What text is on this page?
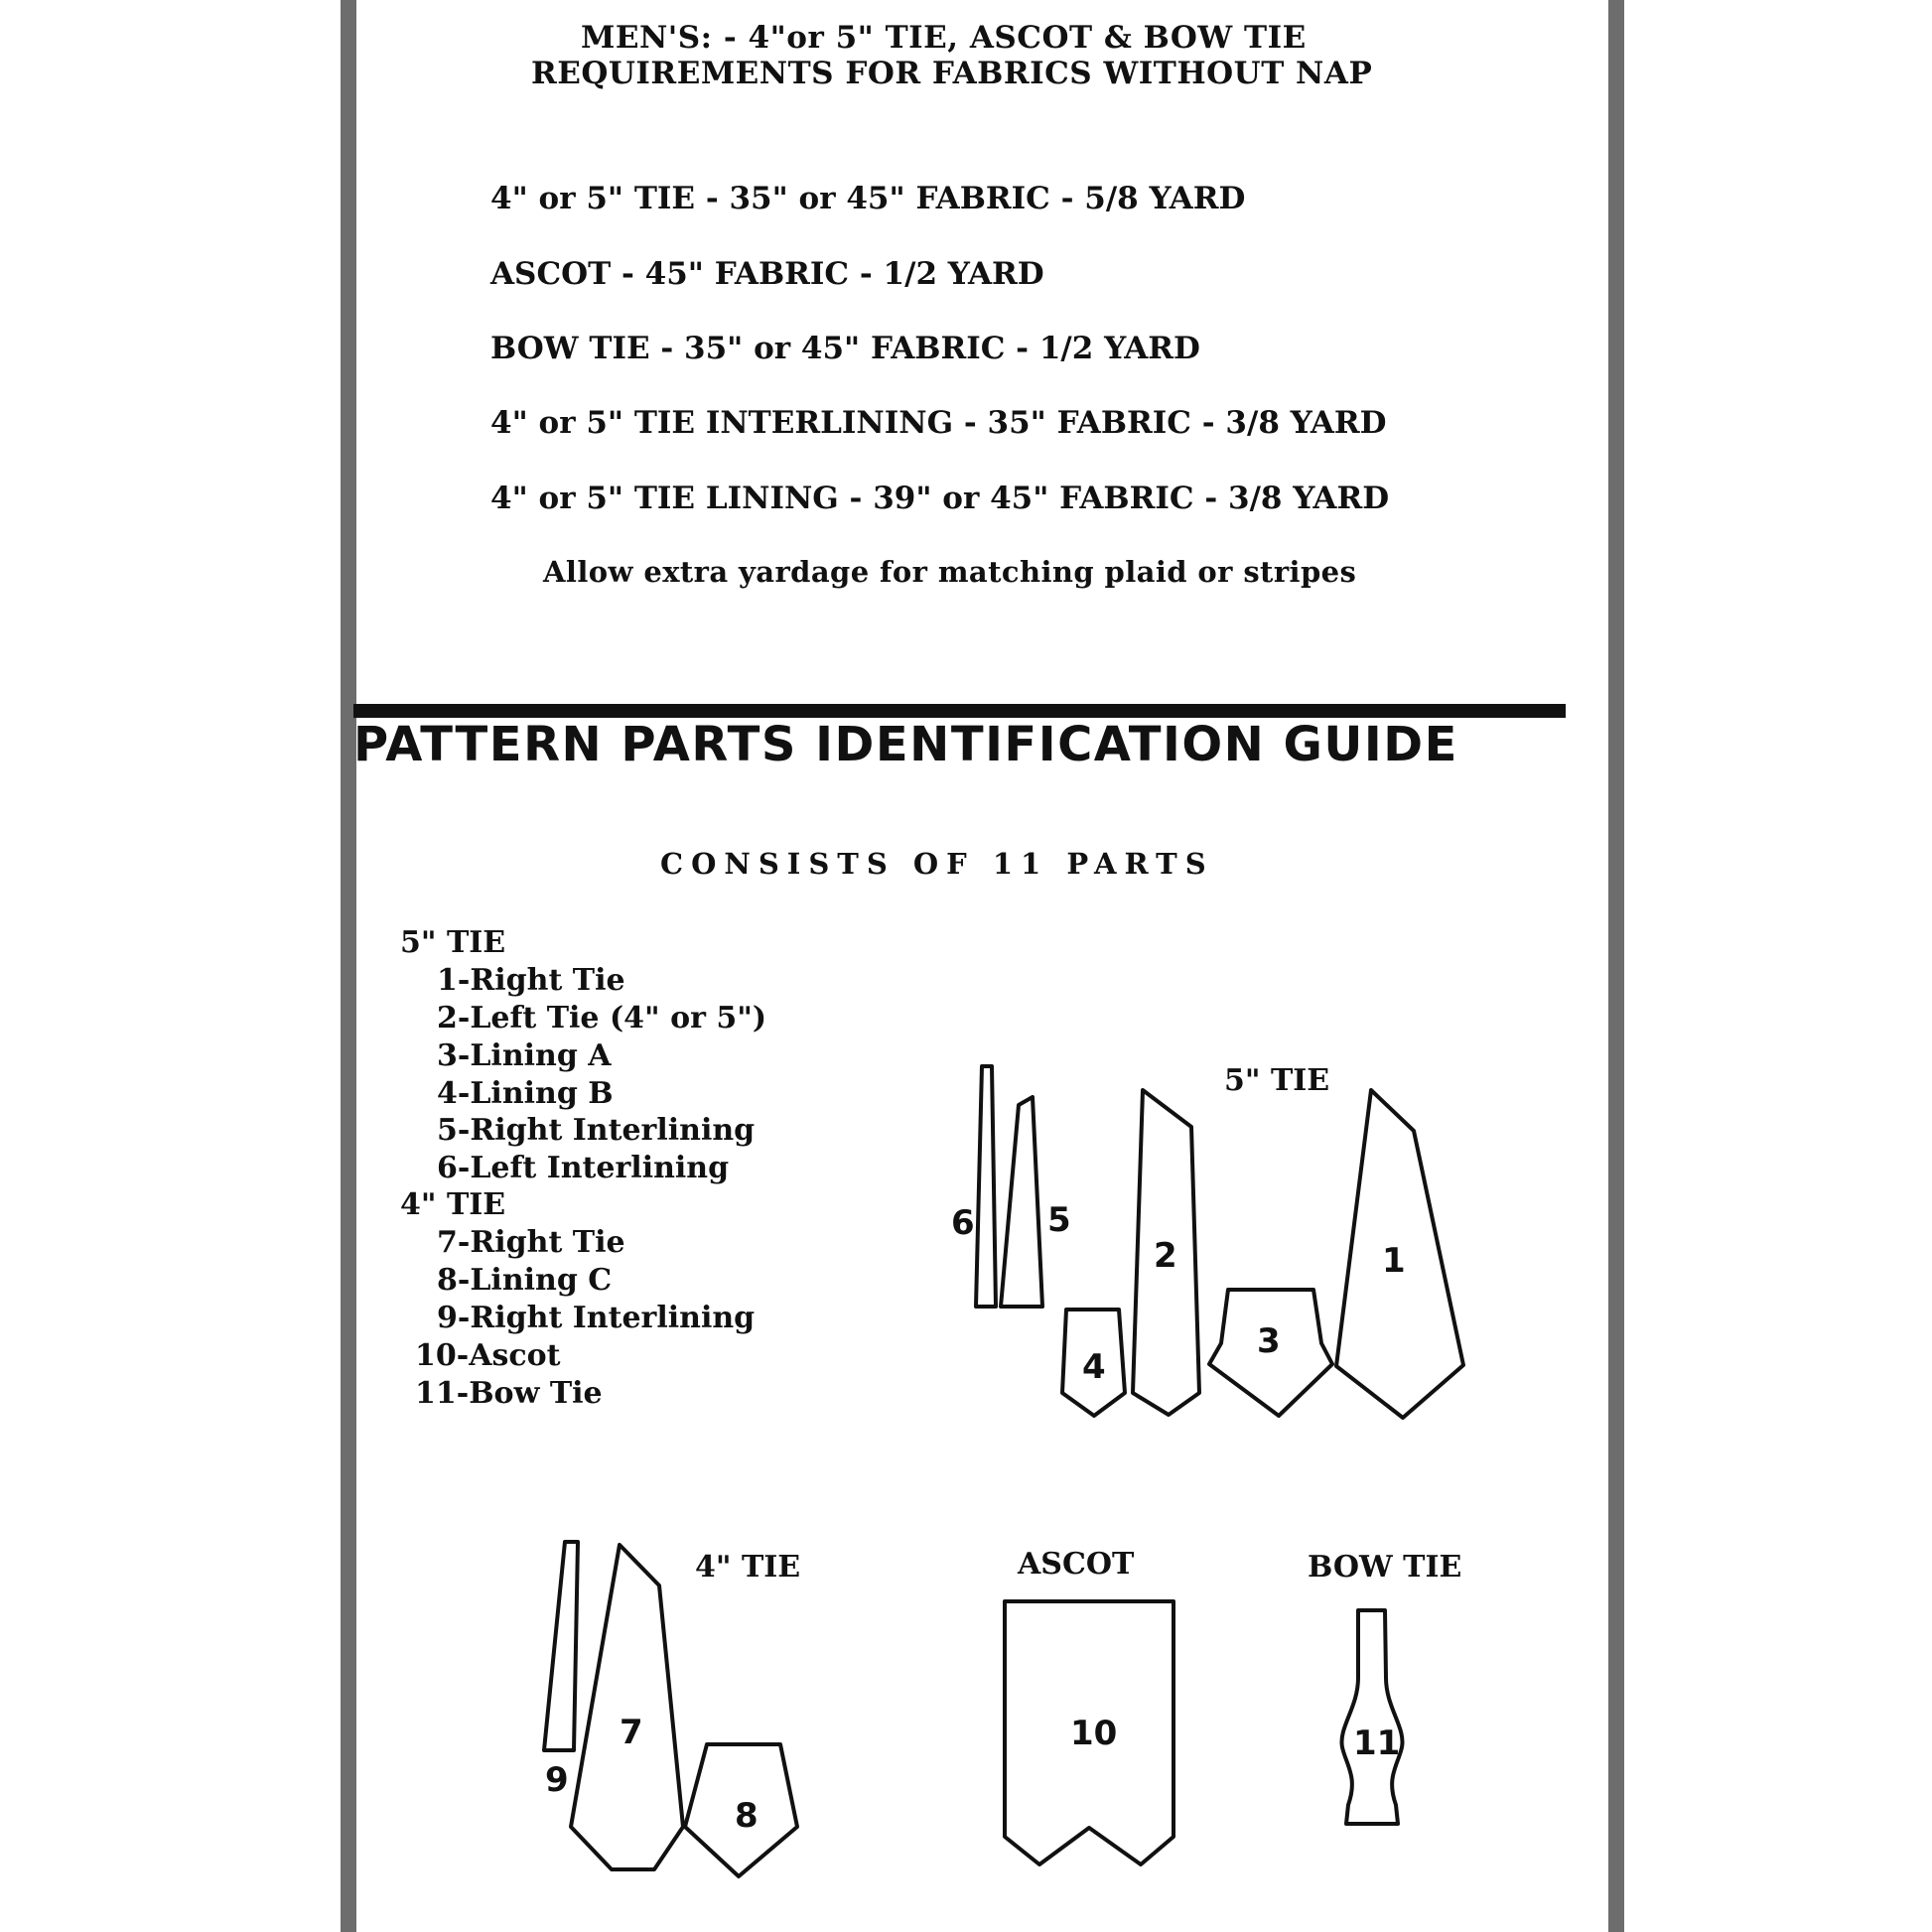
MEN'S: - 4"or 5" TIE, ASCOT & BOW TIE
REQUIREMENTS FOR FABRICS WITHOUT NAP
4" or 5" TIE - 35" or 45" FABRIC - 5/8 YARD
ASCOT - 45" FABRIC - 1/2 YARD
BOW TIE - 35" or 45" FABRIC - 1/2 YARD
4" or 5" TIE INTERLINING - 35" FABRIC - 3/8 YARD
4" or 5" TIE LINING - 39" or 45" FABRIC - 3/8 YARD
Allow extra yardage for matching plaid or stripes
PATTERN PARTS IDENTIFICATION GUIDE
CONSISTS OF 11 PARTS
5" TIE
1-Right Tie
2-Left Tie (4" or 5")
3-Lining A
4-Lining B
5-Right Interlining
6-Left Interlining
4" TIE
7-Right Tie
8-Lining C
9-Right Interlining
10-Ascot
11-Bow Tie
5" TIE
6 5
4
2
3
1
4" TIE
9
7
8
ASCOT
10
BOW TIE
11
